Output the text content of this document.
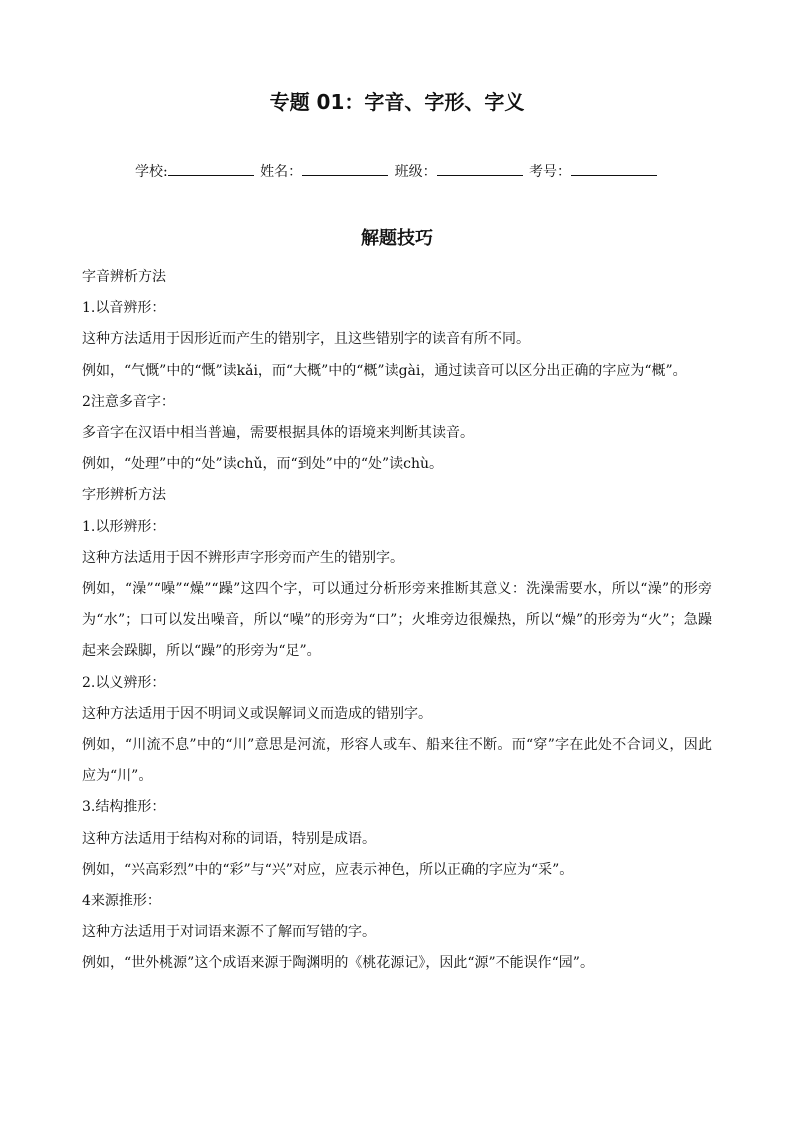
专题 01：字音、字形、字义
学校:	姓名：	班级：	考号：
解题技巧

字音辨析方法

1.以音辨形：

这种方法适用于因形近而产生的错别字，且这些错别字的读音有所不同。

例如，“气慨”中的“慨”读kǎi，而“大概”中的“概”读gài，通过读音可以区分出正确的字应为“概”。

2注意多音字：

多音字在汉语中相当普遍，需要根据具体的语境来判断其读音。

例如，“处理”中的“处”读chǔ，而“到处”中的“处”读chù。

字形辨析方法

1.以形辨形：

这种方法适用于因不辨形声字形旁而产生的错别字。

例如，“澡”“噪”“燥”“躁”这四个字，可以通过分析形旁来推断其意义：洗澡需要水，所以“澡”的形旁为“水”；口可以发出噪音，所以“噪”的形旁为“口”；火堆旁边很燥热，所以“燥”的形旁为“火”；急躁起来会跺脚，所以“躁”的形旁为“足”。

2.以义辨形：

这种方法适用于因不明词义或误解词义而造成的错别字。

例如，“川流不息”中的“川”意思是河流，形容人或车、船来往不断。而“穿”字在此处不合词义，因此应为“川”。

3.结构推形：

这种方法适用于结构对称的词语，特别是成语。

例如，“兴高彩烈”中的“彩”与“兴”对应，应表示神色，所以正确的字应为“采”。

4来源推形：

这种方法适用于对词语来源不了解而写错的字。

例如，“世外桃源”这个成语来源于陶渊明的《桃花源记》，因此“源”不能误作“园”。
